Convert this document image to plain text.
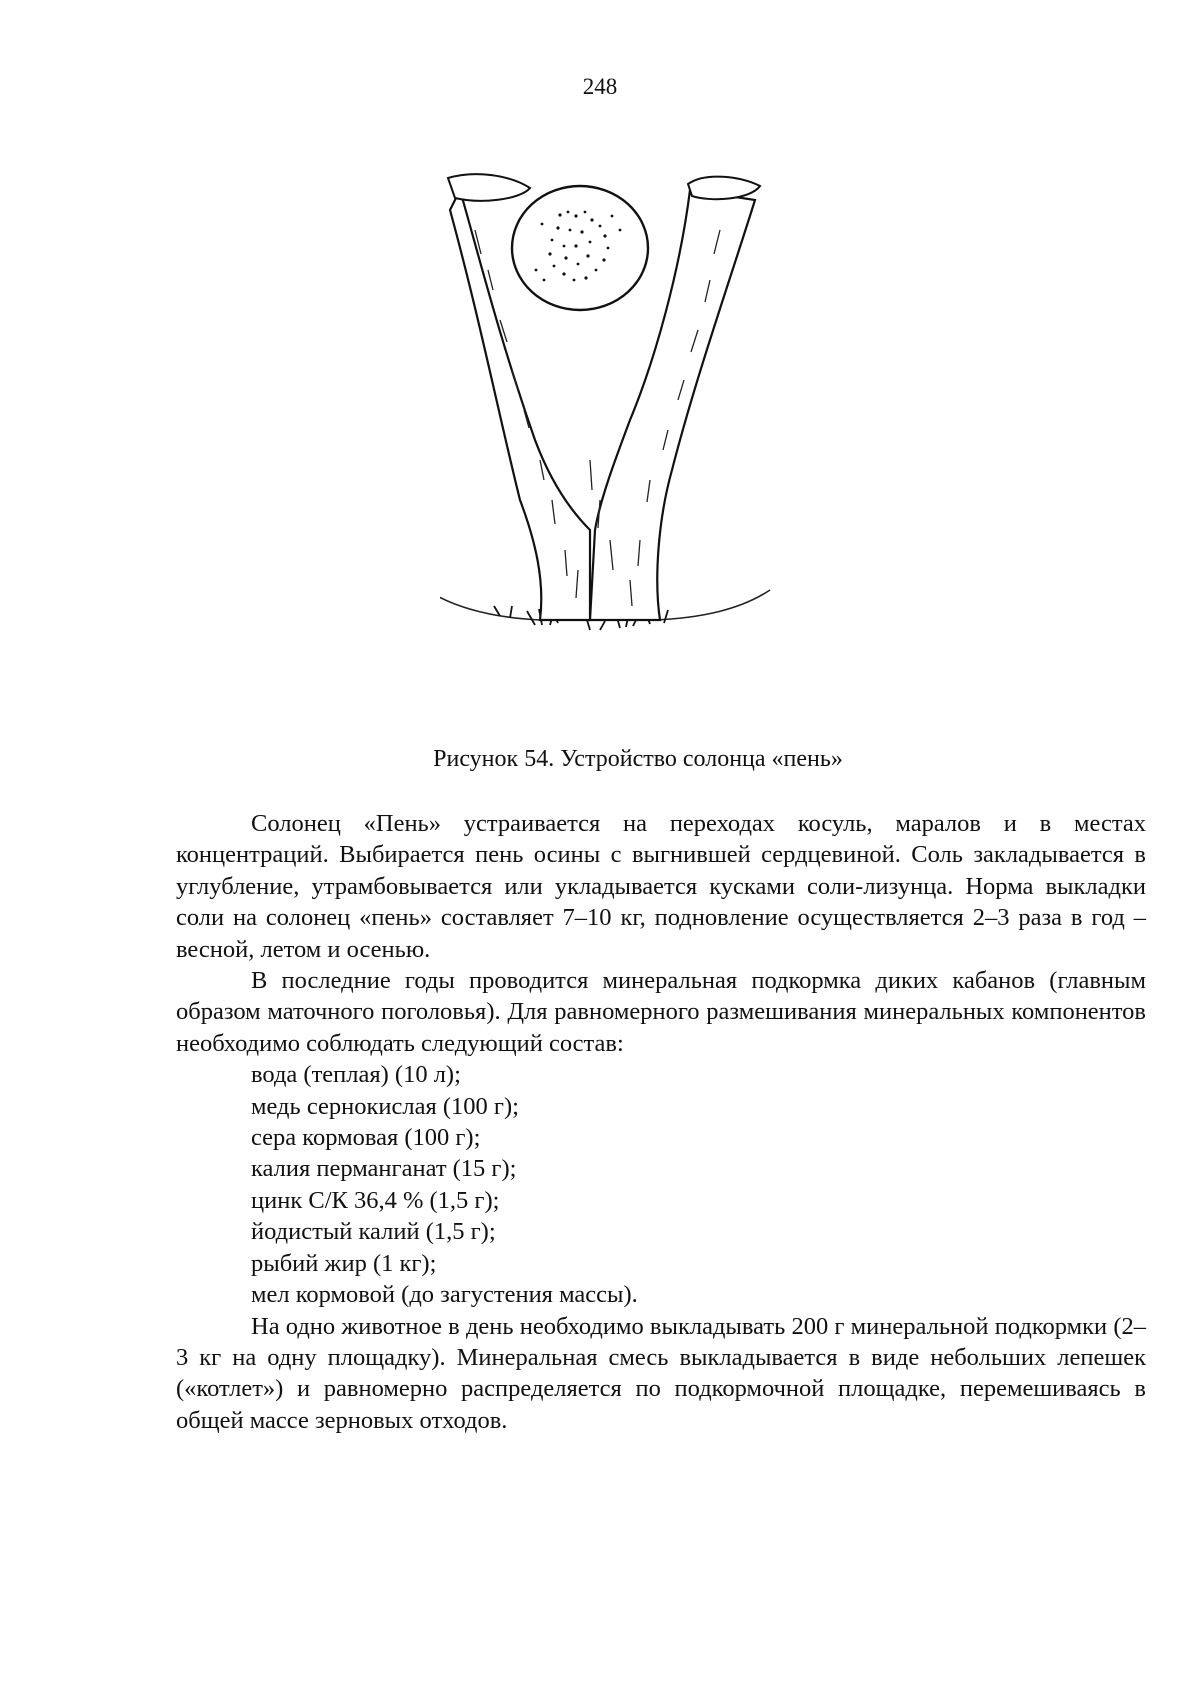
248
Рисунок 54. Устройство солонца «пень»

Солонец «Пень» устраивается на переходах косуль, маралов и в местах концентраций. Выбирается пень осины с выгнившей сердцевиной. Соль закладывается в углубление, утрамбовывается или укладывается кусками соли-лизунца. Норма выкладки соли на солонец «пень» составляет 7–10 кг, подновление осуществляется 2–3 раза в год – весной, летом и осенью.

В последние годы проводится минеральная подкормка диких кабанов (главным образом маточного поголовья). Для равномерного размешивания минеральных компонентов необходимо соблюдать следующий состав:

вода (теплая) (10 л);
медь сернокислая (100 г);
сера кормовая (100 г);
калия перманганат (15 г);
цинк С/К 36,4 % (1,5 г);
йодистый калий (1,5 г);
рыбий жир (1 кг);
мел кормовой (до загустения массы).

На одно животное в день необходимо выкладывать 200 г минеральной подкормки (2–3 кг на одну площадку). Минеральная смесь выкладывается в виде небольших лепешек («котлет») и равномерно распределяется по подкормочной площадке, перемешиваясь в общей массе зерновых отходов.
